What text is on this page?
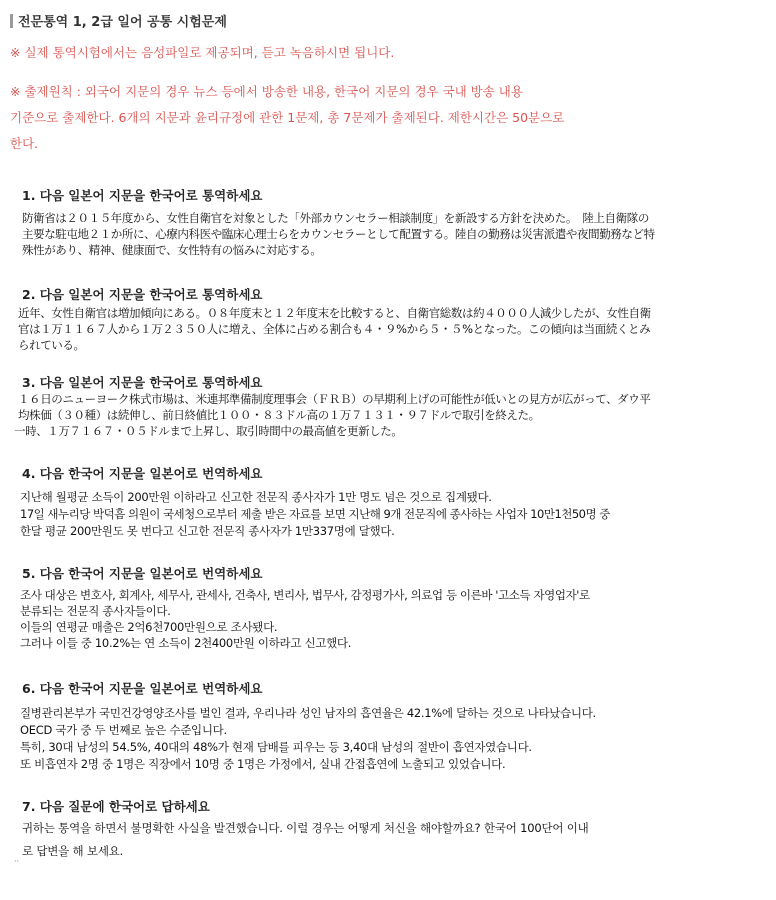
전문통역 1, 2급 일어 공통 시험문제
※ 실제 통역시험에서는 음성파일로 제공되며, 듣고 녹음하시면 됩니다.
※ 출제원칙 : 외국어 지문의 경우 뉴스 등에서 방송한 내용, 한국어 지문의 경우 국내 방송 내용
기준으로 출제한다. 6개의 지문과 윤리규정에 관한 1문제, 총 7문제가 출제된다. 제한시간은 50분으로
한다.
1. 다음 일본어 지문을 한국어로 통역하세요
防衛省は２０１５年度から、女性自衛官を対象とした「外部カウンセラー相談制度」を新設する方針を決めた。　陸上自衛隊の
主要な駐屯地２１か所に、心療内科医や臨床心理士らをカウンセラーとして配置する。陸自の勤務は災害派遣や夜間勤務など特
殊性があり、精神、健康面で、女性特有の悩みに対応する。
2. 다음 일본어 지문을 한국어로 통역하세요
近年、女性自衛官は増加傾向にある。０８年度末と１２年度末を比較すると、自衛官総数は約４０００人減少したが、女性自衛
官は１万１１６７人から１万２３５０人に増え、全体に占める割合も４・９%から５・５%となった。この傾向は当面続くとみ
られている。
3. 다음 일본어 지문을 한국어로 통역하세요
１６日のニューヨーク株式市場は、米連邦準備制度理事会（ＦＲＢ）の早期利上げの可能性が低いとの見方が広がって、ダウ平
均株価（３０種）は続伸し、前日終値比１００・８３ドル高の１万７１３１・９７ドルで取引を終えた。
一時、１万７１６７・０５ドルまで上昇し、取引時間中の最高値を更新した。
4. 다음 한국어 지문을 일본어로 번역하세요
지난해 월평균 소득이 200만원 이하라고 신고한 전문직 종사자가 1만 명도 넘은 것으로 집계됐다.
17일 새누리당 박덕흠 의원이 국세청으로부터 제출 받은 자료를 보면 지난해 9개 전문직에 종사하는 사업자 10만1천50명 중
한달 평균 200만원도 못 번다고 신고한 전문직 종사자가 1만337명에 달했다.
5. 다음 한국어 지문을 일본어로 번역하세요
조사 대상은 변호사, 회계사, 세무사, 관세사, 건축사, 변리사, 법무사, 감정평가사, 의료업 등 이른바 '고소득 자영업자'로
분류되는 전문직 종사자들이다.
이들의 연평균 매출은 2억6천700만원으로 조사됐다.
그러나 이들 중 10.2%는 연 소득이 2천400만원 이하라고 신고했다.
6. 다음 한국어 지문을 일본어로 번역하세요
질병관리본부가 국민건강영양조사를 벌인 결과, 우리나라 성인 남자의 흡연율은 42.1%에 달하는 것으로 나타났습니다.
OECD 국가 중 두 번째로 높은 수준입니다.
특히, 30대 남성의 54.5%, 40대의 48%가 현재 담배를 피우는 등 3,40대 남성의 절반이 흡연자였습니다.
또 비흡연자 2명 중 1명은 직장에서 10명 중 1명은 가정에서, 실내 간접흡연에 노출되고 있었습니다.
7. 다음 질문에 한국어로 답하세요
귀하는 통역을 하면서 불명확한 사실을 발견했습니다. 이럴 경우는 어떻게 처신을 해야할까요? 한국어 100단어 이내
로 답변을 해 보세요.
··
